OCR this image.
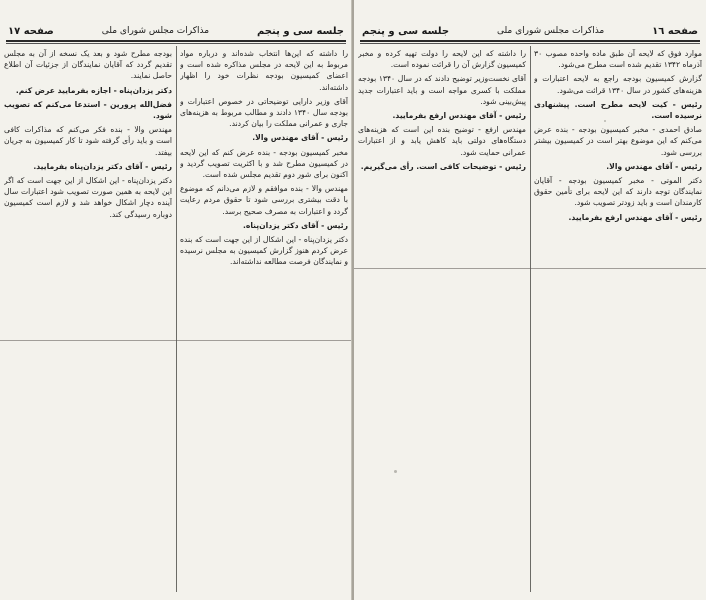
جلسه سی و پنجم
مذاکرات مجلس شورای ملی
صفحه ١٧

را داشته که این‌ها انتخاب شده‌اند و درباره مواد مربوط به این لایحه در مجلس مذاکره شده است و اعضای کمیسیون بودجه نظرات خود را اظهار داشته‌اند.

آقای وزیر دارایی توضیحاتی در خصوص اعتبارات و بودجه سال ۱۳۴۰ دادند و مطالب مربوط به هزینه‌های جاری و عمرانی مملکت را بیان کردند.

رئیس - آقای مهندس والا.

مخبر کمیسیون بودجه - بنده عرض کنم که این لایحه در کمیسیون مطرح شد و با اکثریت تصویب گردید و اکنون برای شور دوم تقدیم مجلس شده است.

مهندس والا - بنده موافقم و لازم می‌دانم که موضوع با دقت بیشتری بررسی شود تا حقوق مردم رعایت گردد و اعتبارات به مصرف صحیح برسد.

رئیس - آقای دکتر یزدان‌پناه.

دکتر یزدان‌پناه - این اشکال از این جهت است که بنده عرض کردم هنوز گزارش کمیسیون به مجلس نرسیده و نمایندگان فرصت مطالعه نداشته‌اند.

بودجه مطرح شود و بعد یک نسخه از آن به مجلس تقدیم گردد که آقایان نمایندگان از جزئیات آن اطلاع حاصل نمایند.

دکتر یزدان‌پناه - اجازه بفرمایید عرض کنم.

فضل‌الله پرورین - استدعا می‌کنم که تصویب شود.

مهندس والا - بنده فکر می‌کنم که مذاکرات کافی است و باید رأی گرفته شود تا کار کمیسیون به جریان بیفتد.

رئیس - آقای دکتر یزدان‌پناه بفرمایید.

دکتر یزدان‌پناه - این اشکال از این جهت است که اگر این لایحه به همین صورت تصویب شود اعتبارات سال آینده دچار اشکال خواهد شد و لازم است کمیسیون دوباره رسیدگی کند.

صفحه ١٦
مذاکرات مجلس شورای ملی
جلسه سی و پنجم

موارد فوق که لایحه آن طبق ماده واحده مصوب ۳۰ آذرماه ۱۳۴۲ تقدیم شده است مطرح می‌شود.

گزارش کمیسیون بودجه راجع به لایحه اعتبارات و هزینه‌های کشور در سال ۱۳۴۰ قرائت می‌شود.

رئیس - کیت لایحه مطرح است. پیشنهادی نرسیده است.

صادق احمدی - مخبر کمیسیون بودجه - بنده عرض می‌کنم که این موضوع بهتر است در کمیسیون بیشتر بررسی شود.

رئیس - آقای مهندس والا.

دکتر الموتی - مخبر کمیسیون بودجه - آقایان نمایندگان توجه دارند که این لایحه برای تأمین حقوق کارمندان است و باید زودتر تصویب شود.

رئیس - آقای مهندس ارفع بفرمایید.

را داشته که این لایحه را دولت تهیه کرده و مخبر کمیسیون گزارش آن را قرائت نموده است.

آقای نخست‌وزیر توضیح دادند که در سال ۱۳۴۰ بودجه مملکت با کسری مواجه است و باید اعتبارات جدید پیش‌بینی شود.

رئیس - آقای مهندس ارفع بفرمایید.

مهندس ارفع - توضیح بنده این است که هزینه‌های دستگاه‌های دولتی باید کاهش یابد و از اعتبارات عمرانی حمایت شود.

رئیس - توضیحات کافی است. رأی می‌گیریم.
